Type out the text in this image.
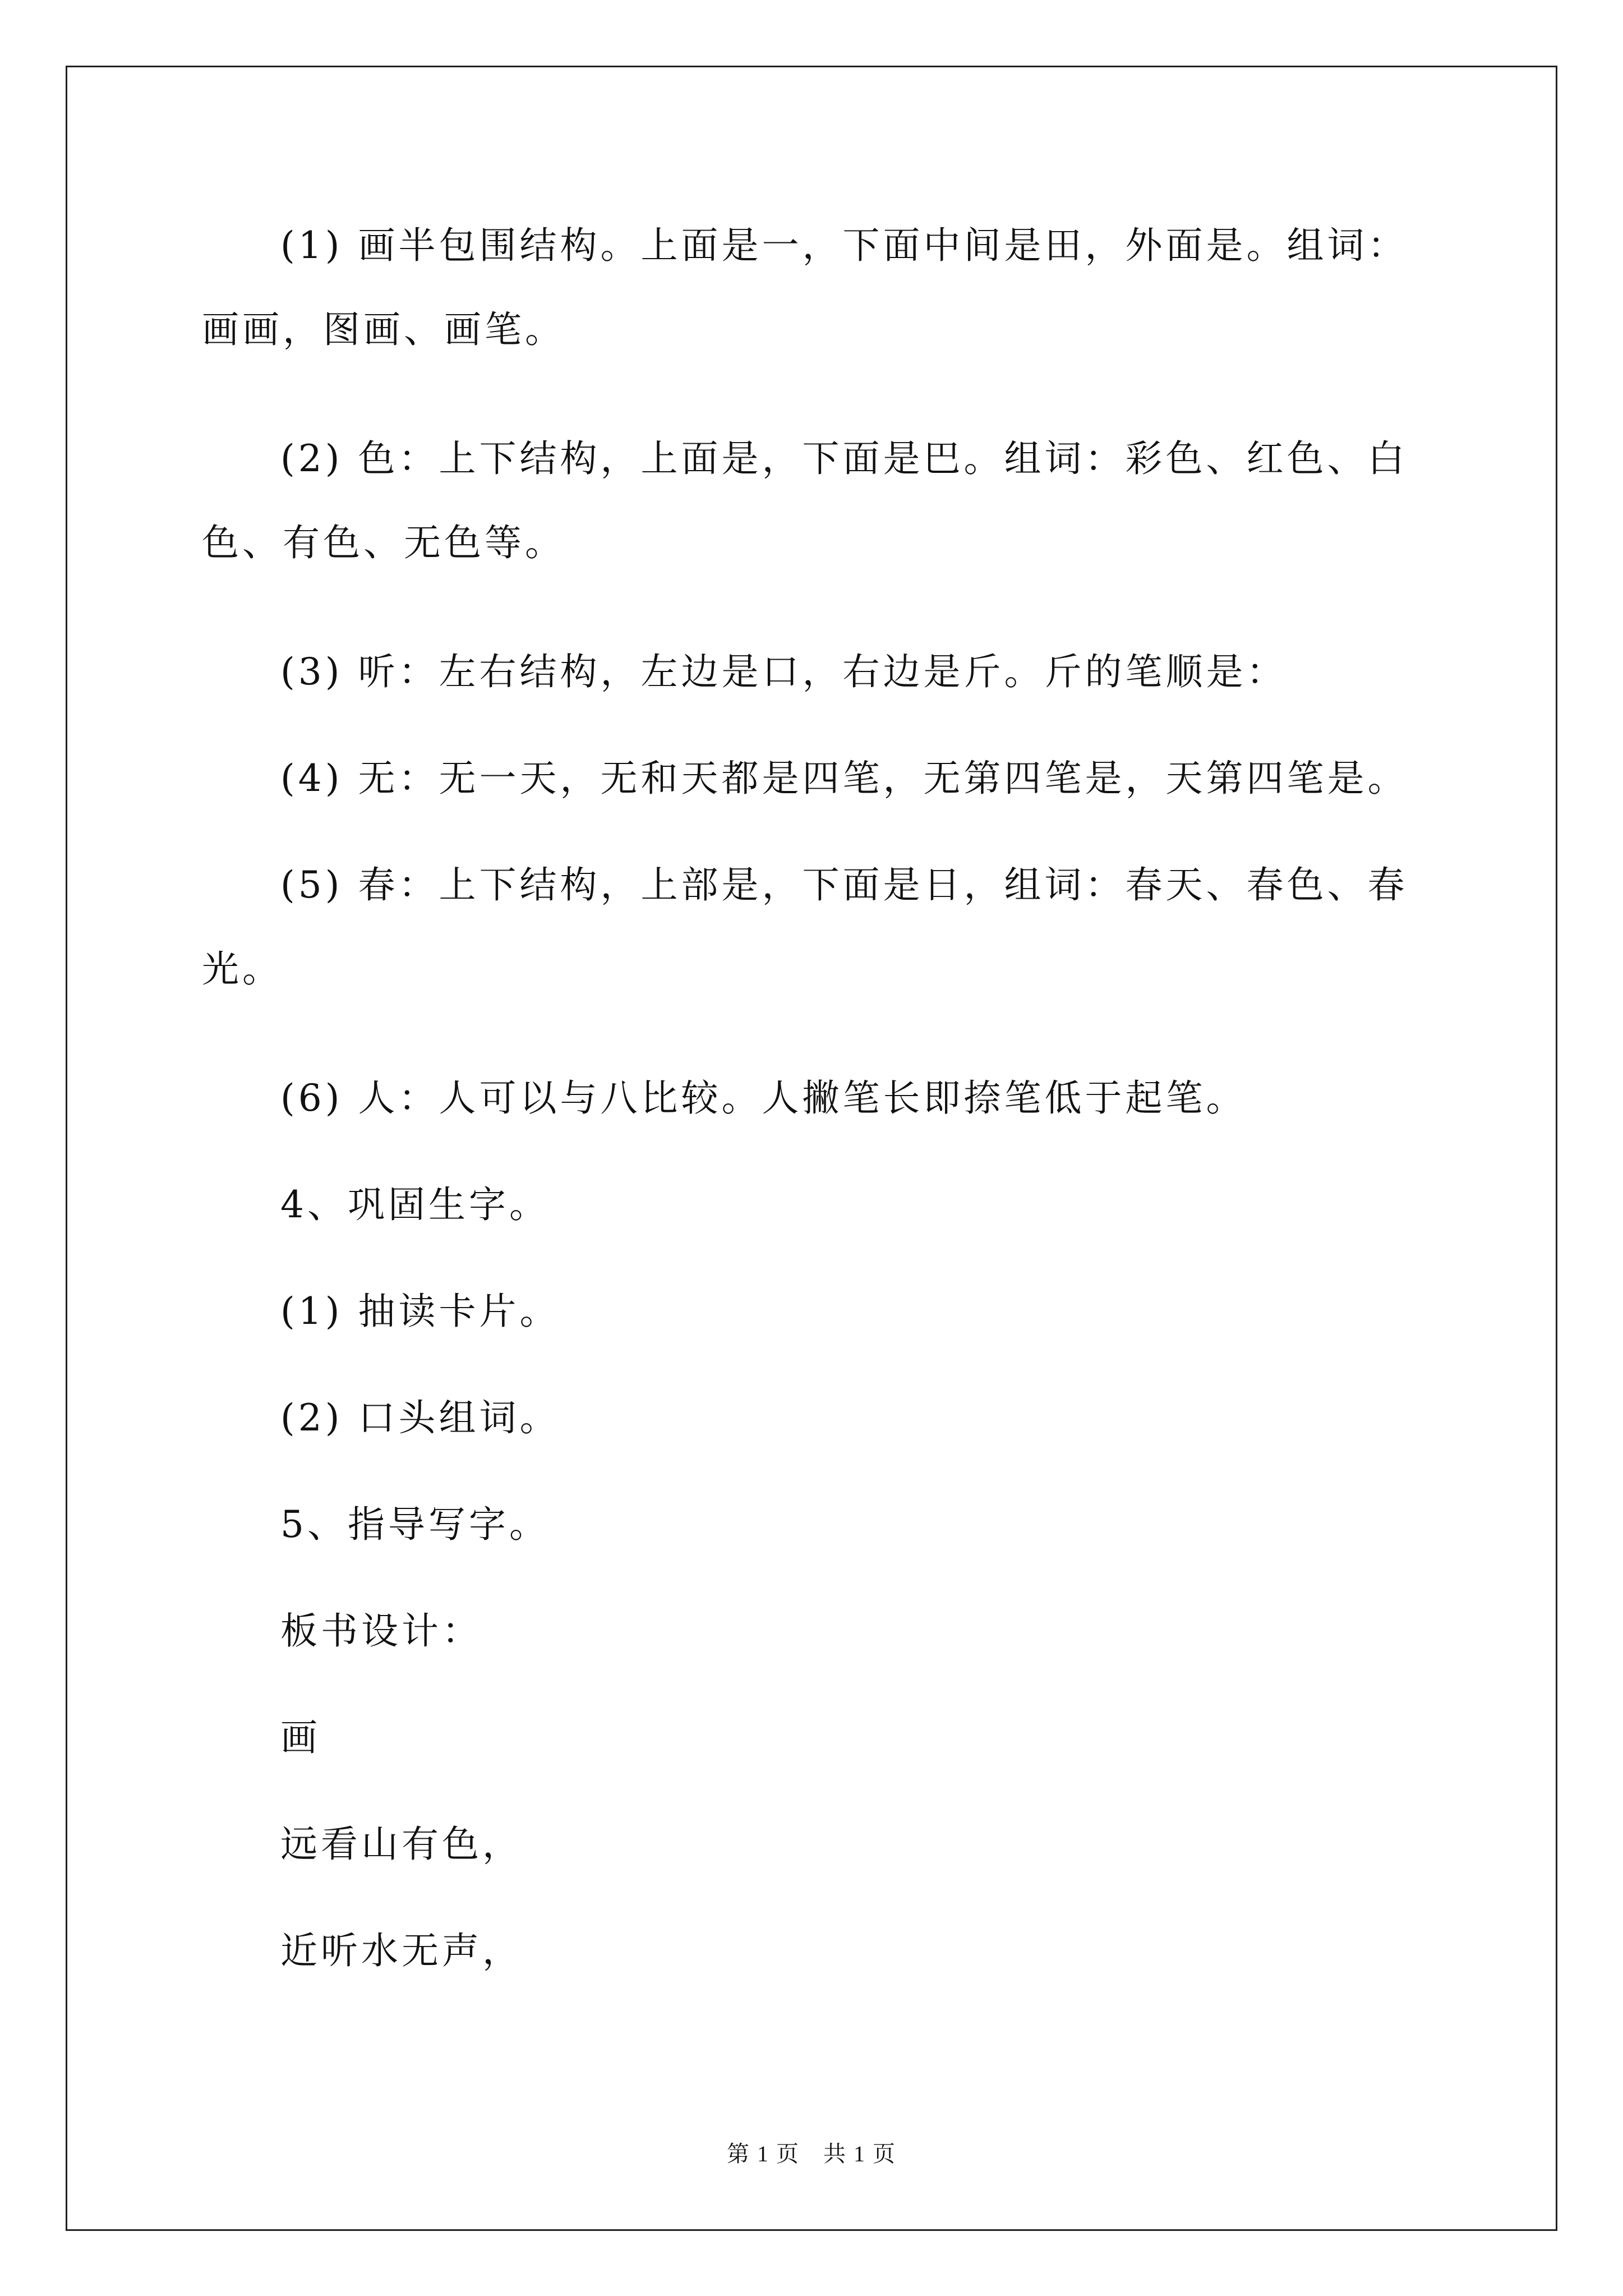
(1) 画半包围结构。上面是一，下面中间是田，外面是。组词：
画画，图画、画笔。
(2) 色：上下结构，上面是，下面是巴。组词：彩色、红色、白
色、有色、无色等。
(3) 听：左右结构，左边是口，右边是斤。斤的笔顺是：
(4) 无：无一天，无和天都是四笔，无第四笔是，天第四笔是。
(5) 春：上下结构，上部是，下面是日，组词：春天、春色、春
光。
(6) 人：人可以与八比较。人撇笔长即捺笔低于起笔。
4、巩固生字。
(1) 抽读卡片。
(2) 口头组词。
5、指导写字。
板书设计：
画
远看山有色，
近听水无声，
第 1 页　共 1 页
